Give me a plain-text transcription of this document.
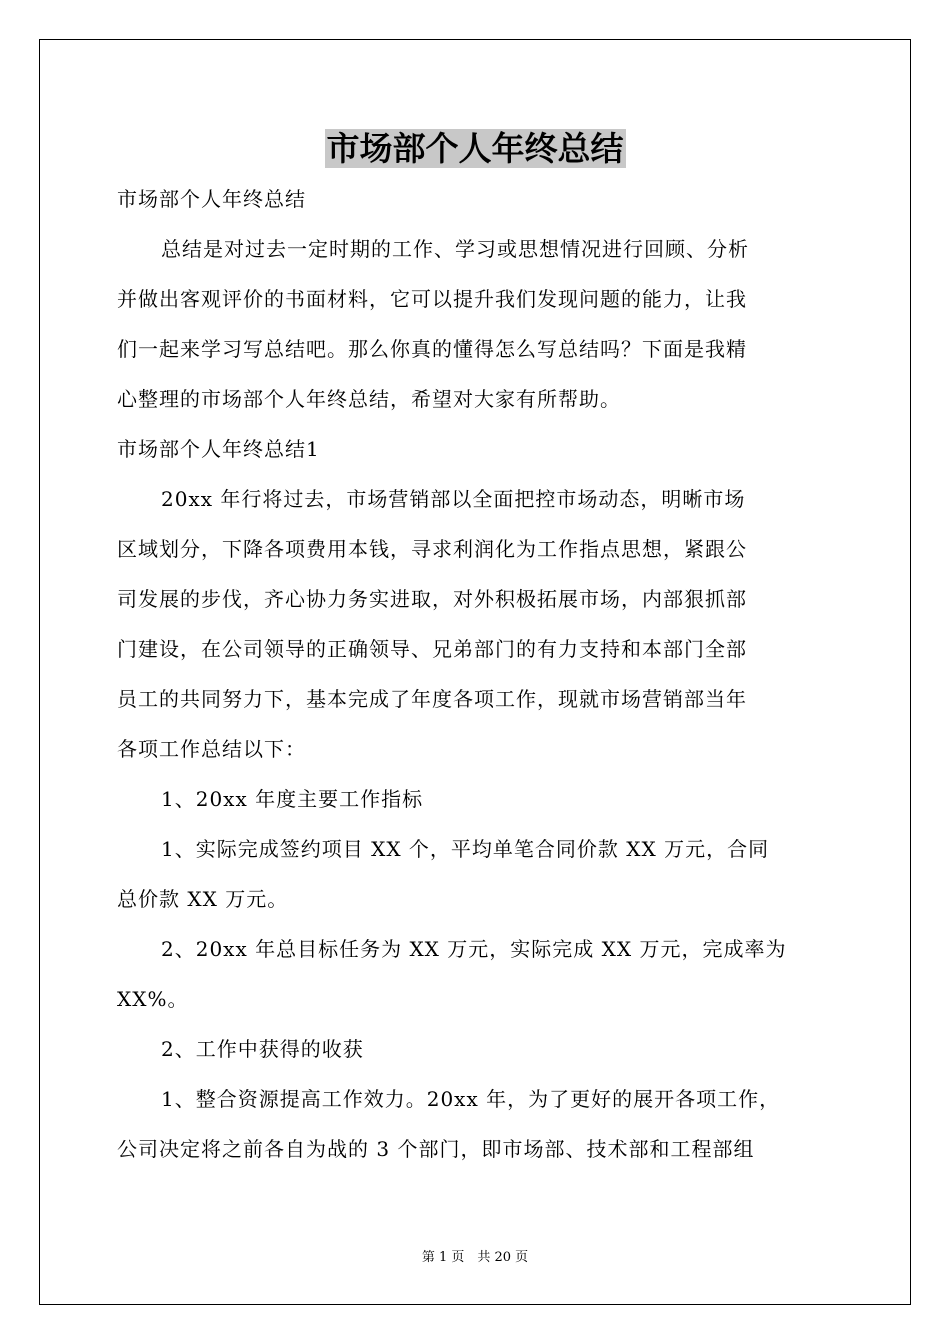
市场部个人年终总结
市场部个人年终总结
总结是对过去一定时期的工作、学习或思想情况进行回顾、分析
并做出客观评价的书面材料，它可以提升我们发现问题的能力，让我
们一起来学习写总结吧。那么你真的懂得怎么写总结吗？下面是我精
心整理的市场部个人年终总结，希望对大家有所帮助。
市场部个人年终总结1
20xx 年行将过去，市场营销部以全面把控市场动态，明晰市场
区域划分，下降各项费用本钱，寻求利润化为工作指点思想，紧跟公
司发展的步伐，齐心协力务实进取，对外积极拓展市场，内部狠抓部
门建设，在公司领导的正确领导、兄弟部门的有力支持和本部门全部
员工的共同努力下，基本完成了年度各项工作，现就市场营销部当年
各项工作总结以下：
1、20xx 年度主要工作指标
1、实际完成签约项目 XX 个，平均单笔合同价款 XX 万元，合同
总价款 XX 万元。
2、20xx 年总目标任务为 XX 万元，实际完成 XX 万元，完成率为
XX%。
2、工作中获得的收获
1、整合资源提高工作效力。20xx 年，为了更好的展开各项工作，
公司决定将之前各自为战的 3 个部门，即市场部、技术部和工程部组
第 1 页　共 20 页
